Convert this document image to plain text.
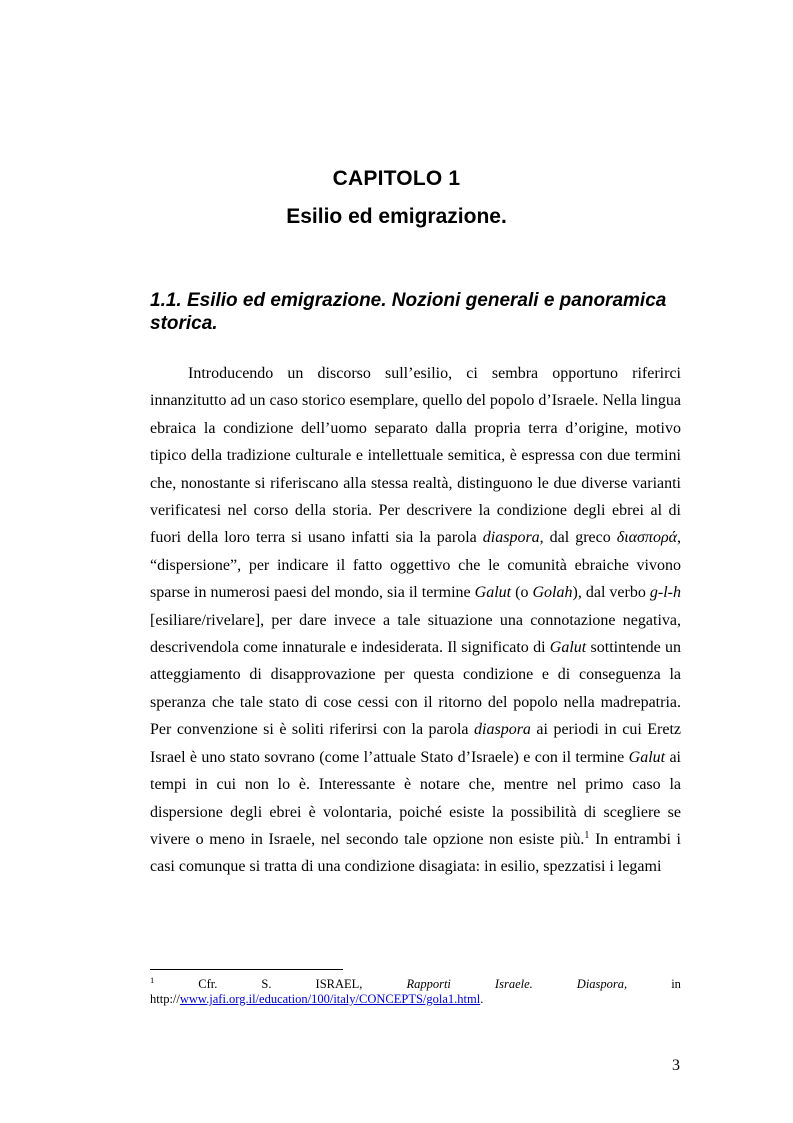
CAPITOLO 1
Esilio ed emigrazione.
1.1. Esilio ed emigrazione. Nozioni generali e panoramica storica.

Introducendo un discorso sull’esilio, ci sembra opportuno riferirci innanzitutto ad un caso storico esemplare, quello del popolo d’Israele. Nella lingua ebraica la condizione dell’uomo separato dalla propria terra d’origine, motivo tipico della tradizione culturale e intellettuale semitica, è espressa con due termini che, nonostante si riferiscano alla stessa realtà, distinguono le due diverse varianti verificatesi nel corso della storia. Per descrivere la condizione degli ebrei al di fuori della loro terra si usano infatti sia la parola diaspora, dal greco διασπορά, “dispersione”, per indicare il fatto oggettivo che le comunità ebraiche vivono sparse in numerosi paesi del mondo, sia il termine Galut (o Golah), dal verbo g-l-h [esiliare/rivelare], per dare invece a tale situazione una connotazione negativa, descrivendola come innaturale e indesiderata. Il significato di Galut sottintende un atteggiamento di disapprovazione per questa condizione e di conseguenza la speranza che tale stato di cose cessi con il ritorno del popolo nella madrepatria. Per convenzione si è soliti riferirsi con la parola diaspora ai periodi in cui Eretz Israel è uno stato sovrano (come l’attuale Stato d’Israele) e con il termine Galut ai tempi in cui non lo è. Interessante è notare che, mentre nel primo caso la dispersione degli ebrei è volontaria, poiché esiste la possibilità di scegliere se vivere o meno in Israele, nel secondo tale opzione non esiste più.$^1$ In entrambi i casi comunque si tratta di una condizione disagiata: in esilio, spezzatisi i legami

$^1$	Cfr.	S.	ISRAEL,	Rapporti	Israele.	Diaspora,	in
http://www.jafi.org.il/education/100/italy/CONCEPTS/gola1.html.
3
